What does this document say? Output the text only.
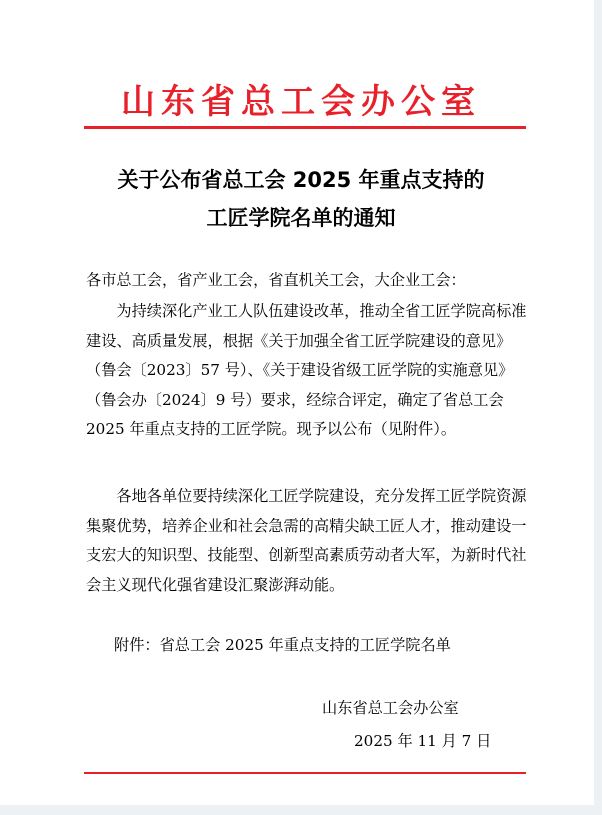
山东省总工会办公室
关于公布省总工会 2025 年重点支持的
工匠学院名单的通知
各市总工会，省产业工会，省直机关工会，大企业工会：
为持续深化产业工人队伍建设改革，推动全省工匠学院高标准建设、高质量发展，根据《关于加强全省工匠学院建设的意见》（鲁会〔2023〕57 号）、《关于建设省级工匠学院的实施意见》（鲁会办〔2024〕9 号）要求，经综合评定，确定了省总工会 2025 年重点支持的工匠学院。现予以公布（见附件）。
各地各单位要持续深化工匠学院建设，充分发挥工匠学院资源集聚优势，培养企业和社会急需的高精尖缺工匠人才，推动建设一支宏大的知识型、技能型、创新型高素质劳动者大军，为新时代社会主义现代化强省建设汇聚澎湃动能。
附件：省总工会 2025 年重点支持的工匠学院名单
山东省总工会办公室
2025 年 11 月 7 日
